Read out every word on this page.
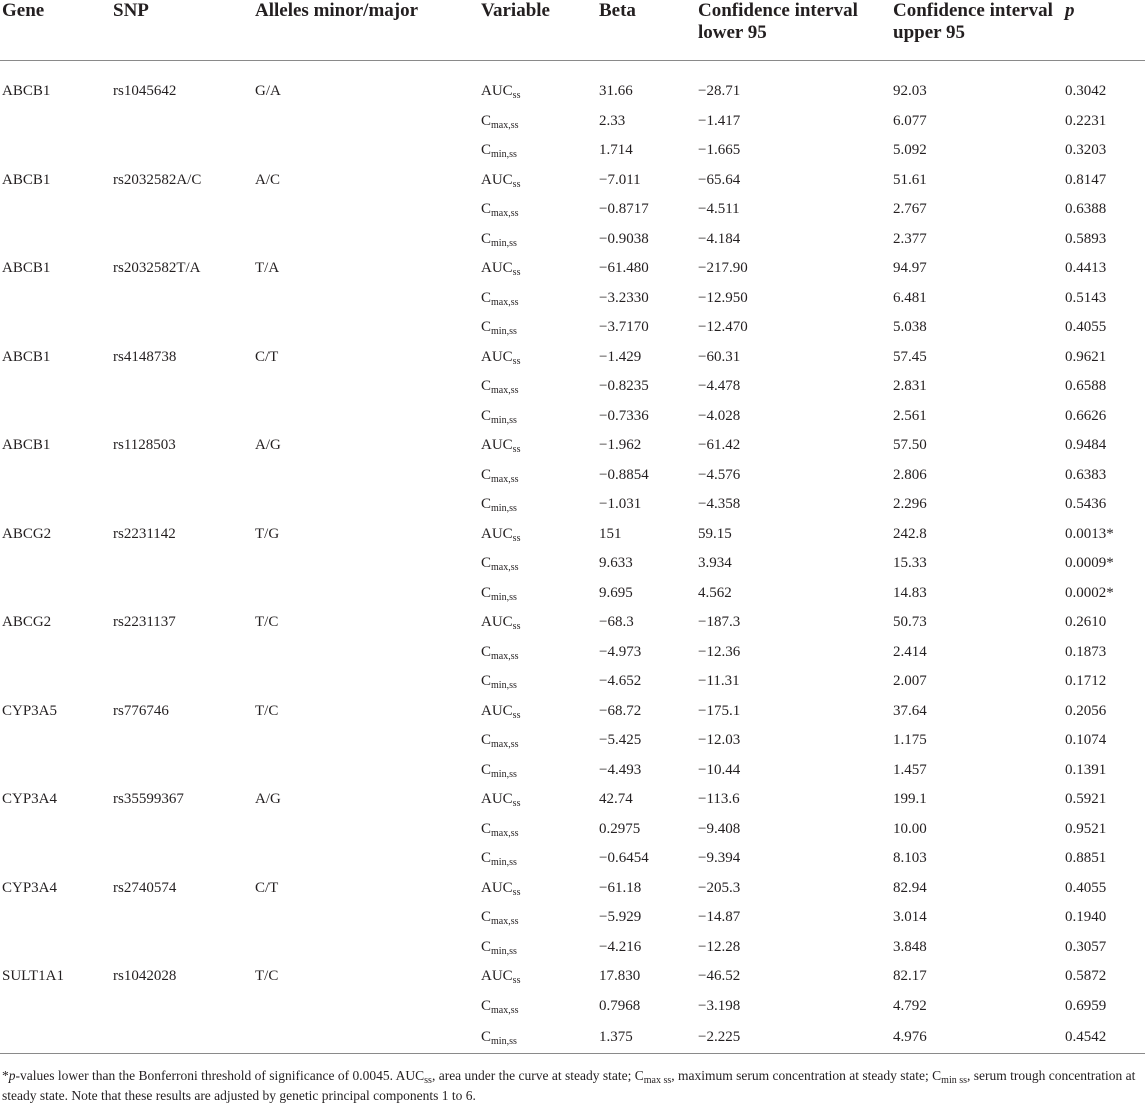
Gene	SNP	Alleles minor/major	Variable	Beta	Confidence interval lower 95	Confidence interval upper 95	p

ABCB1	rs1045642	G/A	$AUC_{ss}$	31.66	−28.71	92.03	0.3042
			$C_{max,ss}$	2.33	−1.417	6.077	0.2231
			$C_{min,ss}$	1.714	−1.665	5.092	0.3203
ABCB1	rs2032582A/C	A/C	$AUC_{ss}$	−7.011	−65.64	51.61	0.8147
			$C_{max,ss}$	−0.8717	−4.511	2.767	0.6388
			$C_{min,ss}$	−0.9038	−4.184	2.377	0.5893
ABCB1	rs2032582T/A	T/A	$AUC_{ss}$	−61.480	−217.90	94.97	0.4413
			$C_{max,ss}$	−3.2330	−12.950	6.481	0.5143
			$C_{min,ss}$	−3.7170	−12.470	5.038	0.4055
ABCB1	rs4148738	C/T	$AUC_{ss}$	−1.429	−60.31	57.45	0.9621
			$C_{max,ss}$	−0.8235	−4.478	2.831	0.6588
			$C_{min,ss}$	−0.7336	−4.028	2.561	0.6626
ABCB1	rs1128503	A/G	$AUC_{ss}$	−1.962	−61.42	57.50	0.9484
			$C_{max,ss}$	−0.8854	−4.576	2.806	0.6383
			$C_{min,ss}$	−1.031	−4.358	2.296	0.5436
ABCG2	rs2231142	T/G	$AUC_{ss}$	151	59.15	242.8	0.0013*
			$C_{max,ss}$	9.633	3.934	15.33	0.0009*
			$C_{min,ss}$	9.695	4.562	14.83	0.0002*
ABCG2	rs2231137	T/C	$AUC_{ss}$	−68.3	−187.3	50.73	0.2610
			$C_{max,ss}$	−4.973	−12.36	2.414	0.1873
			$C_{min,ss}$	−4.652	−11.31	2.007	0.1712
CYP3A5	rs776746	T/C	$AUC_{ss}$	−68.72	−175.1	37.64	0.2056
			$C_{max,ss}$	−5.425	−12.03	1.175	0.1074
			$C_{min,ss}$	−4.493	−10.44	1.457	0.1391
CYP3A4	rs35599367	A/G	$AUC_{ss}$	42.74	−113.6	199.1	0.5921
			$C_{max,ss}$	0.2975	−9.408	10.00	0.9521
			$C_{min,ss}$	−0.6454	−9.394	8.103	0.8851
CYP3A4	rs2740574	C/T	$AUC_{ss}$	−61.18	−205.3	82.94	0.4055
			$C_{max,ss}$	−5.929	−14.87	3.014	0.1940
			$C_{min,ss}$	−4.216	−12.28	3.848	0.3057
SULT1A1	rs1042028	T/C	$AUC_{ss}$	17.830	−46.52	82.17	0.5872
			$C_{max,ss}$	0.7968	−3.198	4.792	0.6959
			$C_{min,ss}$	1.375	−2.225	4.976	0.4542
*p-values lower than the Bonferroni threshold of significance of 0.0045. $AUC_{ss}$, area under the curve at steady state; $C_{max ss}$, maximum serum concentration at steady state; $C_{min ss}$, serum trough concentration at steady state. Note that these results are adjusted by genetic principal components 1 to 6.
